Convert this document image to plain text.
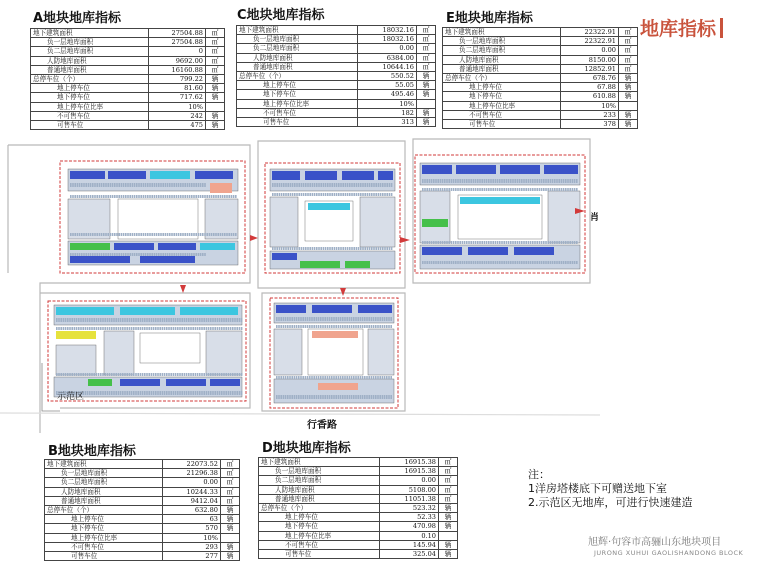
地库指标
A地块地库指标	C地块地库指标	E地块地库指标
B地块地库指标	D地块地库指标
地下建筑面积	27504.88	㎡
负一层地库面积	27504.88	㎡
负二层地库面积	0	㎡
人防地库面积	9692.00	㎡
普通地库面积	16160.88	㎡
总停车位（个）	799.22	辆
地上停车位	81.60	辆
地下停车位	717.62	辆
地上停车位比率	10%	
不可售车位	242	辆
可售车位	475	辆
地下建筑面积	18032.16	㎡
负一层地库面积	18032.16	㎡
负二层地库面积	0.00	㎡
人防地库面积	6384.00	㎡
普通地库面积	10644.16	㎡
总停车位（个）	550.52	辆
地上停车位	55.05	辆
地下停车位	495.46	辆
地上停车位比率	10%	
不可售车位	182	辆
可售车位	313	辆
地下建筑面积	22322.91	㎡
负一层地库面积	22322.91	㎡
负二层地库面积	0.00	㎡
人防地库面积	8150.00	㎡
普通地库面积	12852.91	㎡
总停车位（个）	678.76	辆
地上停车位	67.88	辆
地下停车位	610.88	辆
地上停车位比率	10%	
不可售车位	233	辆
可售车位	378	辆
地下建筑面积	22073.52	㎡
负一层地库面积	21296.38	㎡
负二层地库面积	0.00	㎡
人防地库面积	10244.33	㎡
普通地库面积	9412.04	㎡
总停车位（个）	632.80	辆
地上停车位	63	辆
地下停车位	570	辆
地上停车位比率	10%	
不可售车位	293	辆
可售车位	277	辆
地下建筑面积	16915.38	㎡
负一层地库面积	16915.38	㎡
负二层地库面积	0.00	㎡
人防地库面积	5108.00	㎡
普通地库面积	11051.38	㎡
总停车位（个）	523.32	辆
地上停车位	52.33	辆
地下停车位	470.98	辆
地上停车位比率	0.10	
不可售车位	145.94	辆
可售车位	325.04	辆
示范区
行香路
肖
注：
1洋房塔楼底下可赠送地下室
2.示范区无地库，可进行快速建造
旭辉·句容市高骊山东地块项目
JURONG XUHUI GAOLISHANDONG BLOCK
